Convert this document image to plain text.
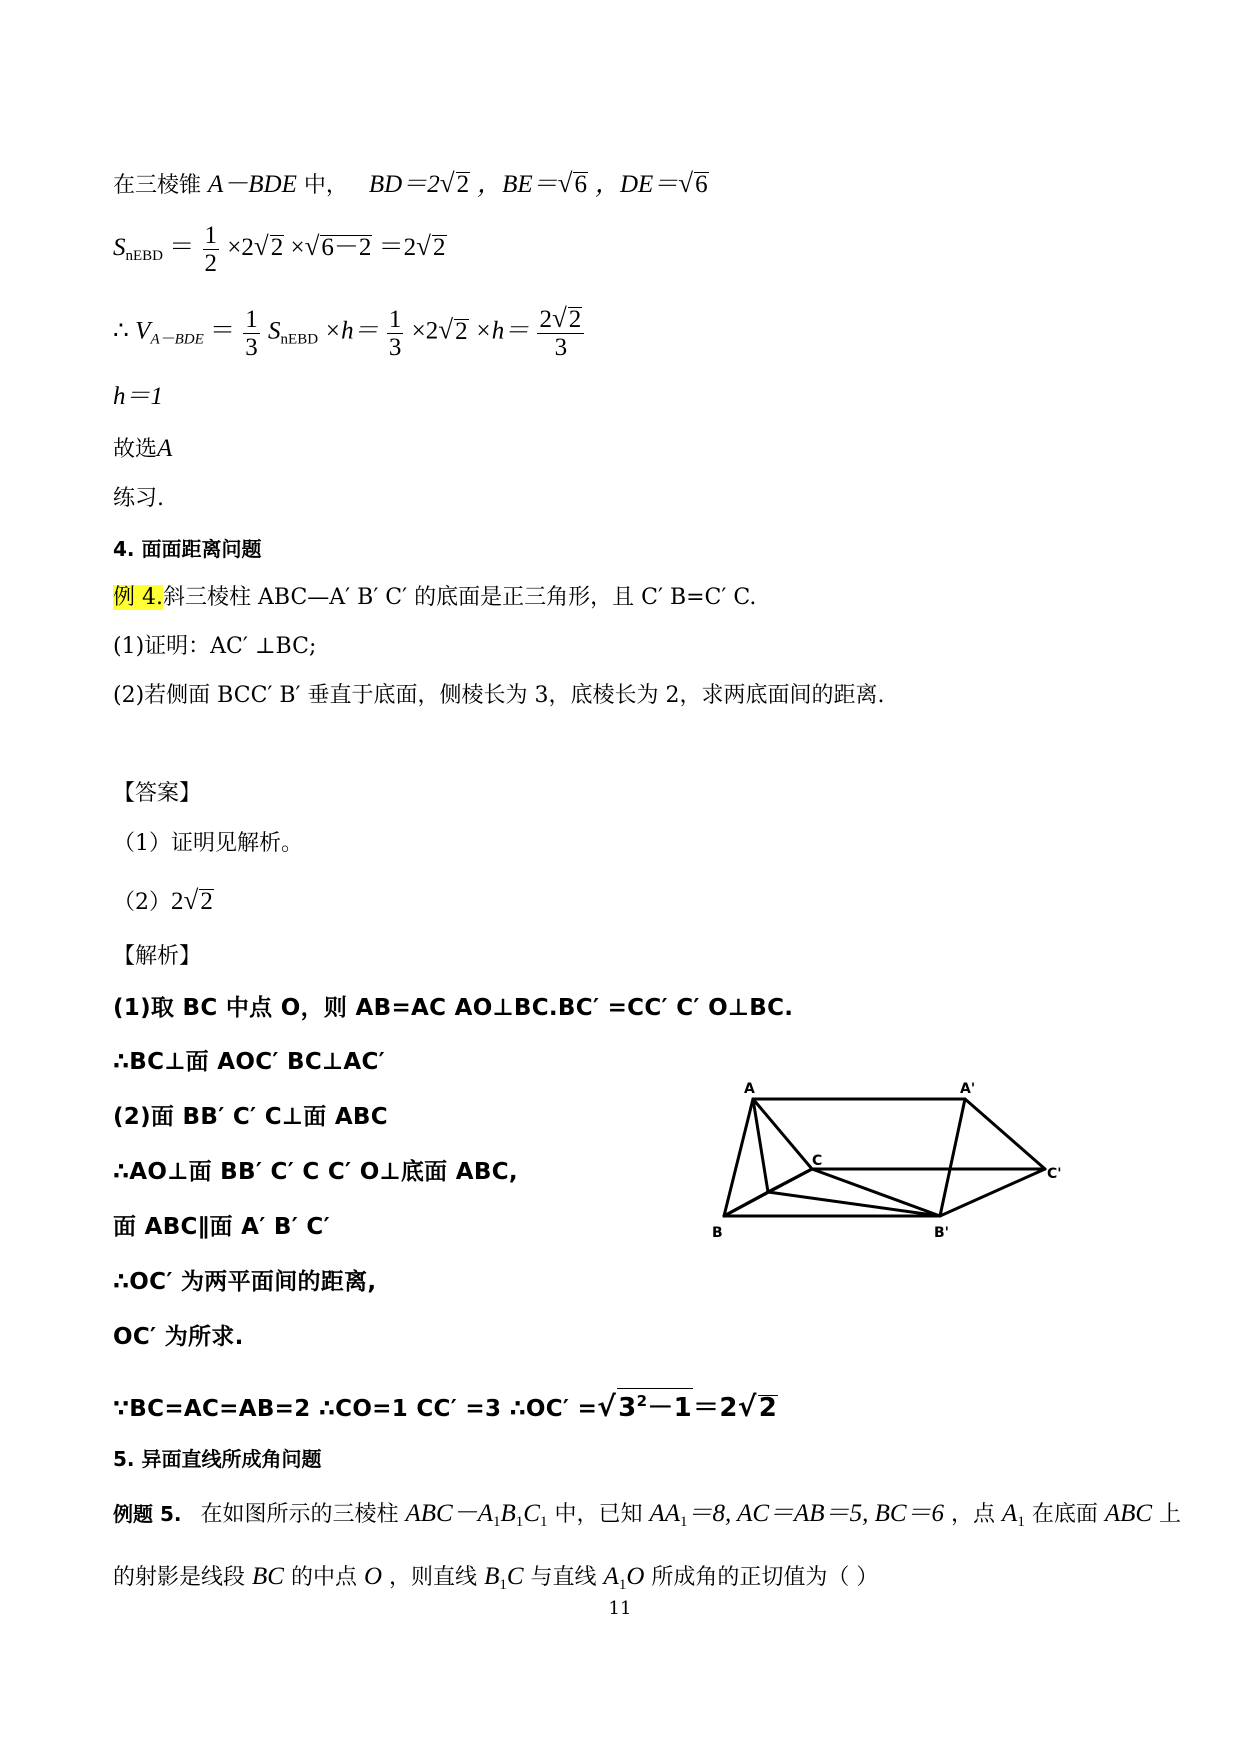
在三棱锥 A－BDE 中， BD＝2√2 ，BE＝√6 ，DE＝√6
$S_{nEBD} = \frac{1}{2} \times 2√2 \times√6-2 =2√2$
∴ $V_{A-BDE} = \frac{1}{3} S_{nEBD} \times h= \frac{1}{3} \times 2√2 \times h= \frac{2√2}{3}$
h＝1
故选A
练习.
4. 面面距离问题
例 4.斜三棱柱 ABC—A′ B′ C′ 的底面是正三角形，且 C′ B=C′ C.
(1)证明：AC′ ⊥BC;
(2)若侧面 BCC′ B′ 垂直于底面，侧棱长为 3，底棱长为 2，求两底面间的距离.
【答案】
（1）证明见解析。
（2）2√2
【解析】
(1)取 BC 中点 O，则 AB=AC AO⊥BC.BC′ =CC′ C′ O⊥BC.
∴BC⊥面 AOC′ BC⊥AC′
(2)面 BB′ C′ C⊥面 ABC
∴AO⊥面 BB′ C′ C C′ O⊥底面 ABC,
面 ABC∥面 A′ B′ C′
∴OC′ 为两平面间的距离,
OC′ 为所求.
∵BC=AC=AB=2 ∴CO=1 CC′ =3 ∴OC′ $=√3^2-1=2√2$
A	A'
B	B'
C
C'
5. 异面直线所成角问题
例题 5. 在如图所示的三棱柱 $ABC-A_1B_1C_1$ 中，已知 $AA_1=8$, AC＝AB＝5, BC＝6 ，点 $A_1$ 在底面 ABC 上
的射影是线段 BC 的中点 O ，则直线 $B_1C$ 与直线 $A_1O$ 所成角的正切值为（ ）
11
